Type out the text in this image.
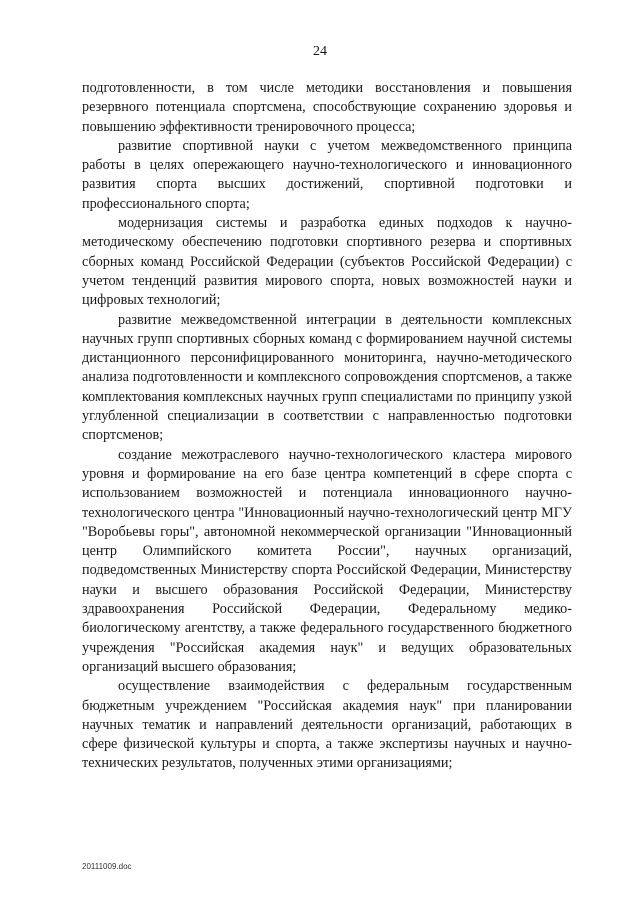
24

подготовленности, в том числе методики восстановления и повышения резервного потенциала спортсмена, способствующие сохранению здоровья и повышению эффективности тренировочного процесса;

развитие спортивной науки с учетом межведомственного принципа работы в целях опережающего научно-технологического и инновационного развития спорта высших достижений, спортивной подготовки и профессионального спорта;

модернизация системы и разработка единых подходов к научно-методическому обеспечению подготовки спортивного резерва и спортивных сборных команд Российской Федерации (субъектов Российской Федерации) с учетом тенденций развития мирового спорта, новых возможностей науки и цифровых технологий;

развитие межведомственной интеграции в деятельности комплексных научных групп спортивных сборных команд с формированием научной системы дистанционного персонифицированного мониторинга, научно-методического анализа подготовленности и комплексного сопровождения спортсменов, а также комплектования комплексных научных групп специалистами по принципу узкой углубленной специализации в соответствии с направленностью подготовки спортсменов;

создание межотраслевого научно-технологического кластера мирового уровня и формирование на его базе центра компетенций в сфере спорта с использованием возможностей и потенциала инновационного научно-технологического центра "Инновационный научно-технологический центр МГУ "Воробьевы горы", автономной некоммерческой организации "Инновационный центр Олимпийского комитета России", научных организаций, подведомственных Министерству спорта Российской Федерации, Министерству науки и высшего образования Российской Федерации, Министерству здравоохранения Российской Федерации, Федеральному медико-биологическому агентству, а также федерального государственного бюджетного учреждения "Российская академия наук" и ведущих образовательных организаций высшего образования;

осуществление взаимодействия с федеральным государственным бюджетным учреждением "Российская академия наук" при планировании научных тематик и направлений деятельности организаций, работающих в сфере физической культуры и спорта, а также экспертизы научных и научно-технических результатов, полученных этими организациями;

20111009.doc
